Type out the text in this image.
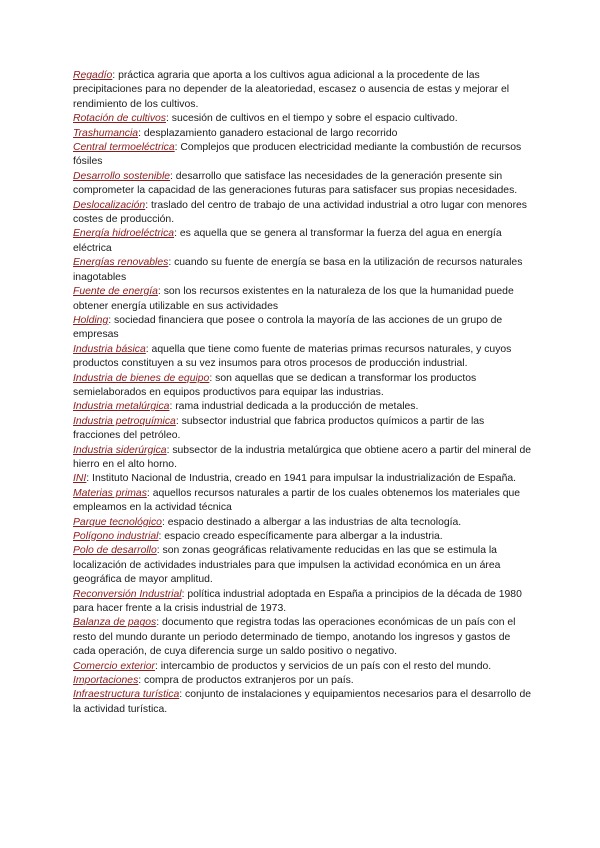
Regadío: práctica agraria que aporta a los cultivos agua adicional a la procedente de las precipitaciones para no depender de la aleatoriedad, escasez o ausencia de estas y mejorar el rendimiento de los cultivos.

Rotación de cultivos: sucesión de cultivos en el tiempo y sobre el espacio cultivado.

Trashumancia: desplazamiento ganadero estacional de largo recorrido

Central termoeléctrica: Complejos que producen electricidad mediante la combustión de recursos fósiles

Desarrollo sostenible: desarrollo que satisface las necesidades de la generación presente sin comprometer la capacidad de las generaciones futuras para satisfacer sus propias necesidades.

Deslocalización: traslado del centro de trabajo de una actividad industrial a otro lugar con menores costes de producción.

Energía hidroeléctrica: es aquella que se genera al transformar la fuerza del agua en energía eléctrica

Energías renovables: cuando su fuente de energía se basa en la utilización de recursos naturales inagotables

Fuente de energía: son los recursos existentes en la naturaleza de los que la humanidad puede obtener energía utilizable en sus actividades

Holding: sociedad financiera que posee o controla la mayoría de las acciones de un grupo de empresas

Industria básica: aquella que tiene como fuente de materias primas recursos naturales, y cuyos productos constituyen a su vez insumos para otros procesos de producción industrial.

Industria de bienes de equipo: son aquellas que se dedican a transformar los productos semielaborados en equipos productivos para equipar las industrias.

Industria metalúrgica: rama industrial dedicada a la producción de metales.

Industria petroquímica: subsector industrial que fabrica productos químicos a partir de las fracciones del petróleo.

Industria siderúrgica: subsector de la industria metalúrgica que obtiene acero a partir del mineral de hierro en el alto horno.

INI: Instituto Nacional de Industria, creado en 1941 para impulsar la industrialización de España.

Materias primas: aquellos recursos naturales a partir de los cuales obtenemos los materiales que empleamos en la actividad técnica

Parque tecnológico: espacio destinado a albergar a las industrias de alta tecnología.

Polígono industrial: espacio creado específicamente para albergar a la industria.

Polo de desarrollo: son zonas geográficas relativamente reducidas en las que se estimula la localización de actividades industriales para que impulsen la actividad económica en un área geográfica de mayor amplitud.

Reconversión Industrial: política industrial adoptada en España a principios de la década de 1980 para hacer frente a la crisis industrial de 1973.

Balanza de pagos: documento que registra todas las operaciones económicas de un país con el resto del mundo durante un periodo determinado de tiempo, anotando los ingresos y gastos de cada operación, de cuya diferencia surge un saldo positivo o negativo.

Comercio exterior: intercambio de productos y servicios de un país con el resto del mundo.

Importaciones: compra de productos extranjeros por un país.

Infraestructura turística: conjunto de instalaciones y equipamientos necesarios para el desarrollo de la actividad turística.
